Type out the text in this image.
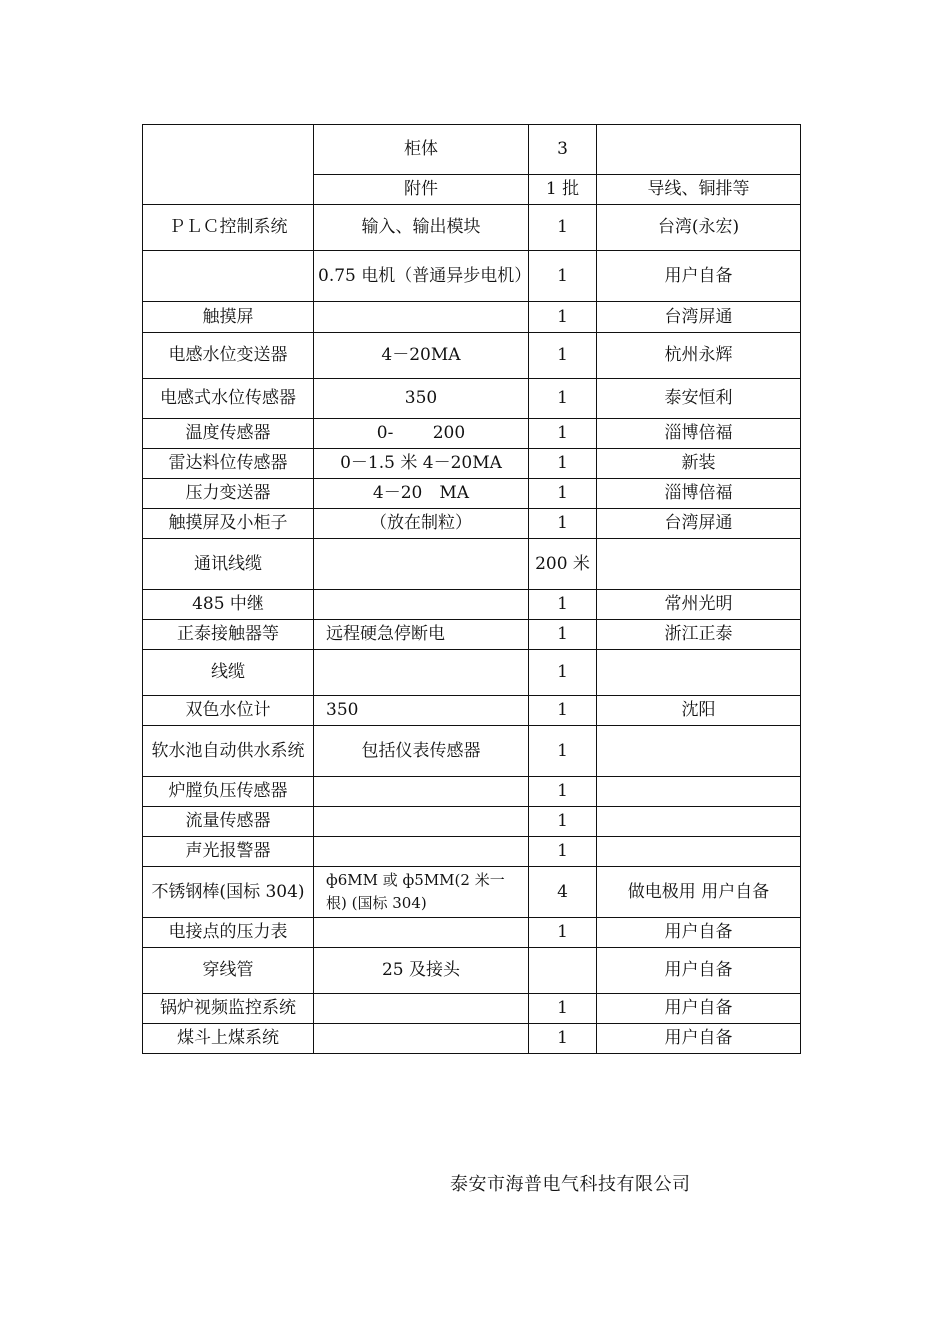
	柜体	3	
	附件	1 批	导线、铜排等
ＰＬＣ控制系统	输入、输出模块	1	台湾(永宏)
	0.75 电机（普通异步电机）	1	用户自备
触摸屏		1	台湾屏通
电感水位变送器	4－20MA	1	杭州永辉
电感式水位传感器	350	1	泰安恒利
温度传感器	0-　　 200	1	淄博倍福
雷达料位传感器	0－1.5 米 4－20MA	1	新装
压力变送器	4－20　MA	1	淄博倍福
触摸屏及小柜子	（放在制粒）	1	台湾屏通
通讯线缆		200 米	
485 中继		1	常州光明
正泰接触器等	远程硬急停断电	1	浙江正泰
线缆		1	
双色水位计	350	1	沈阳
软水池自动供水系统	包括仪表传感器	1	
炉膛负压传感器		1	
流量传感器		1	
声光报警器		1	
不锈钢棒(国标 304)	ф6MM 或 ф5MM(2 米一根) (国标 304)	4	做电极用 用户自备
电接点的压力表		1	用户自备
穿线管	25 及接头		用户自备
锅炉视频监控系统		1	用户自备
煤斗上煤系统		1	用户自备
泰安市海普电气科技有限公司
